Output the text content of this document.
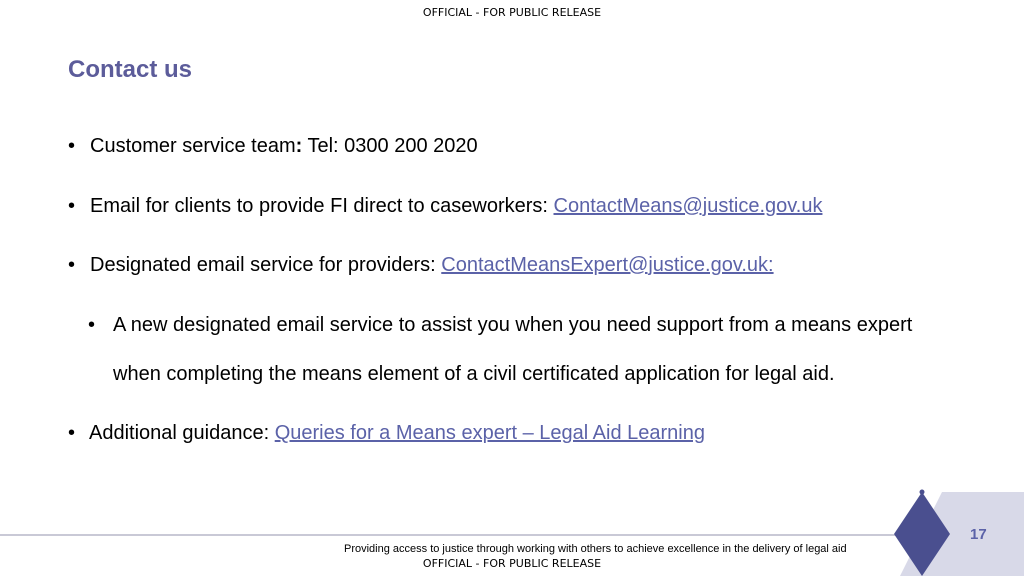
OFFICIAL - FOR PUBLIC RELEASE
Contact us
• Customer service team: Tel: 0300 200 2020
• Email for clients to provide FI direct to caseworkers: ContactMeans@justice.gov.uk
• Designated email service for providers: ContactMeansExpert@justice.gov.uk:
• A new designated email service to assist you when you need support from a means expert
when completing the means element of a civil certificated application for legal aid.
• Additional guidance: Queries for a Means expert – Legal Aid Learning
17
Providing access to justice through working with others to achieve excellence in the delivery of legal aid
OFFICIAL - FOR PUBLIC RELEASE
